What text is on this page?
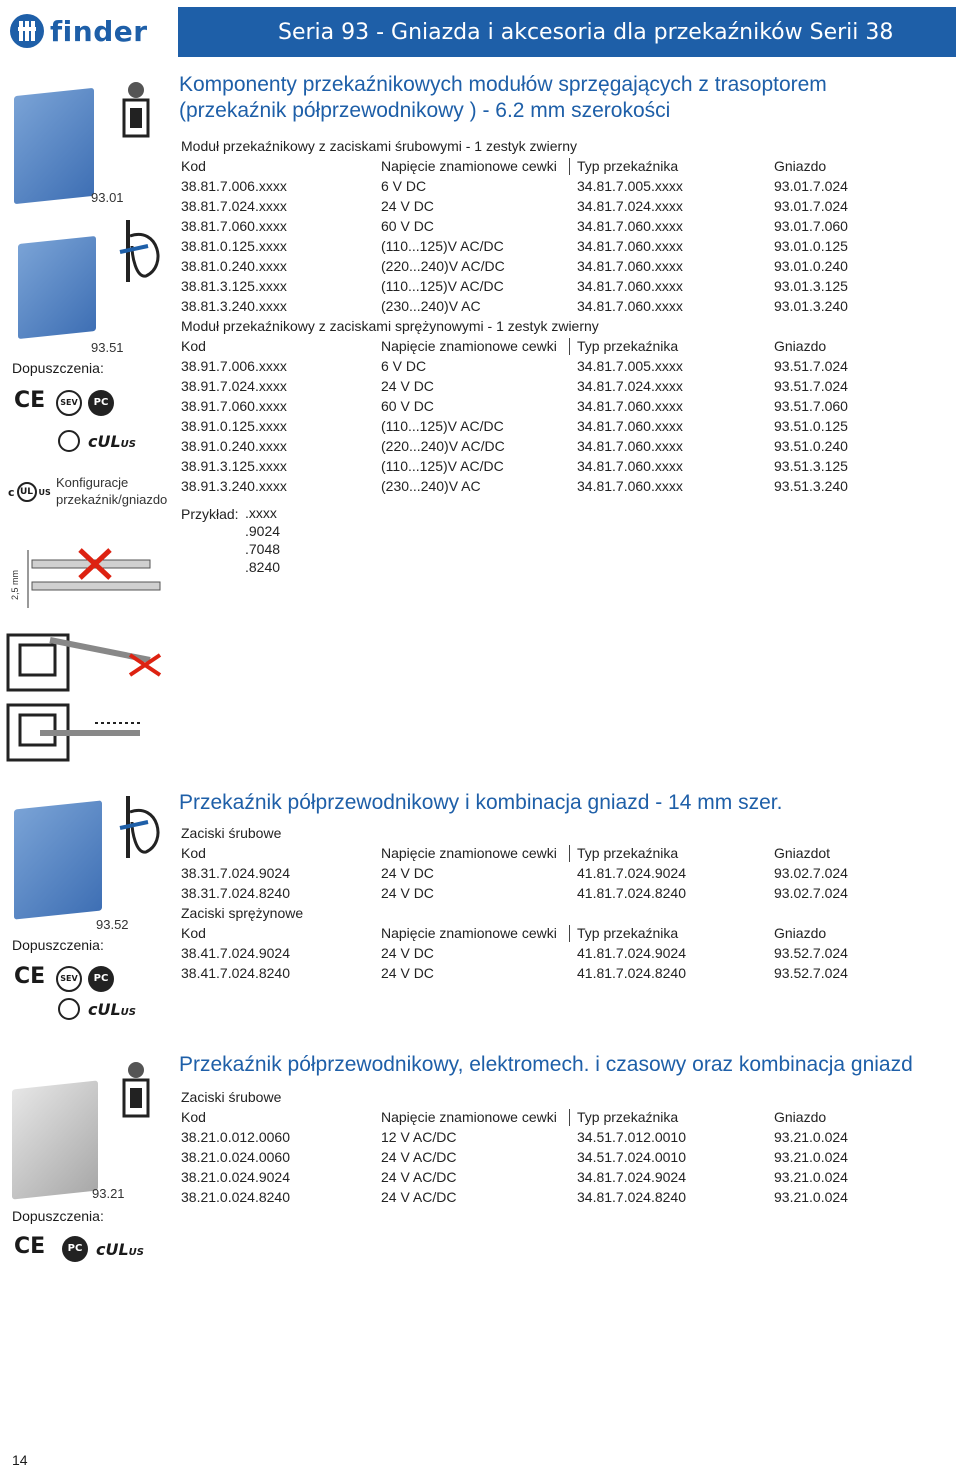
finder	Seria 93 - Gniazda i akcesoria dla przekaźników Serii 38
93.01
93.51
Dopuszczenia:
CE	SEV	PC
cULUS
c UL US
Konfiguracje
przekaźnik/gniazdo
2,5 mm
Komponenty przekaźnikowych modułów sprzęgających z trasoptorem
(przekaźnik półprzewodnikowy ) - 6.2 mm szerokości
Moduł przekaźnikowy z zaciskami śrubowymi - 1 zestyk zwierny
Kod	Napięcie znamionowe cewki Typ przekaźnika	Gniazdo
38.81.7.006.xxxx	6 V DC	34.81.7.005.xxxx	93.01.7.024
38.81.7.024.xxxx	24 V DC	34.81.7.024.xxxx	93.01.7.024
38.81.7.060.xxxx	60 V DC	34.81.7.060.xxxx	93.01.7.060
38.81.0.125.xxxx	(110...125)V AC/DC	34.81.7.060.xxxx	93.01.0.125
38.81.0.240.xxxx	(220...240)V AC/DC	34.81.7.060.xxxx	93.01.0.240
38.81.3.125.xxxx	(110...125)V AC/DC	34.81.7.060.xxxx	93.01.3.125
38.81.3.240.xxxx	(230...240)V AC	34.81.7.060.xxxx	93.01.3.240
Moduł przekaźnikowy z zaciskami sprężynowymi - 1 zestyk zwierny
Kod	Napięcie znamionowe cewki Typ przekaźnika	Gniazdo
38.91.7.006.xxxx	6 V DC	34.81.7.005.xxxx	93.51.7.024
38.91.7.024.xxxx	24 V DC	34.81.7.024.xxxx	93.51.7.024
38.91.7.060.xxxx	60 V DC	34.81.7.060.xxxx	93.51.7.060
38.91.0.125.xxxx	(110...125)V AC/DC	34.81.7.060.xxxx	93.51.0.125
38.91.0.240.xxxx	(220...240)V AC/DC	34.81.7.060.xxxx	93.51.0.240
38.91.3.125.xxxx	(110...125)V AC/DC	34.81.7.060.xxxx	93.51.3.125
38.91.3.240.xxxx	(230...240)V AC	34.81.7.060.xxxx	93.51.3.240
Przykład: .xxxx
.9024
.7048
.8240
93.52
Dopuszczenia:
CE	SEV	PC
cULUS
Przekaźnik półprzewodnikowy i kombinacja gniazd - 14 mm szer.
Zaciski śrubowe
Kod	Napięcie znamionowe cewki Typ przekaźnika	Gniazdot
38.31.7.024.9024	24 V DC	41.81.7.024.9024	93.02.7.024
38.31.7.024.8240	24 V DC	41.81.7.024.8240	93.02.7.024
Zaciski sprężynowe
Kod	Napięcie znamionowe cewki Typ przekaźnika	Gniazdo
38.41.7.024.9024	24 V DC	41.81.7.024.9024	93.52.7.024
38.41.7.024.8240	24 V DC	41.81.7.024.8240	93.52.7.024
93.21
Dopuszczenia:
CE	PC cULUS
Przekaźnik półprzewodnikowy, elektromech. i czasowy oraz kombinacja gniazd
Zaciski śrubowe
Kod	Napięcie znamionowe cewki Typ przekaźnika	Gniazdo
38.21.0.012.0060	12 V AC/DC	34.51.7.012.0010	93.21.0.024
38.21.0.024.0060	24 V AC/DC	34.51.7.024.0010	93.21.0.024
38.21.0.024.9024	24 V AC/DC	34.81.7.024.9024	93.21.0.024
38.21.0.024.8240	24 V AC/DC	34.81.7.024.8240	93.21.0.024
14
